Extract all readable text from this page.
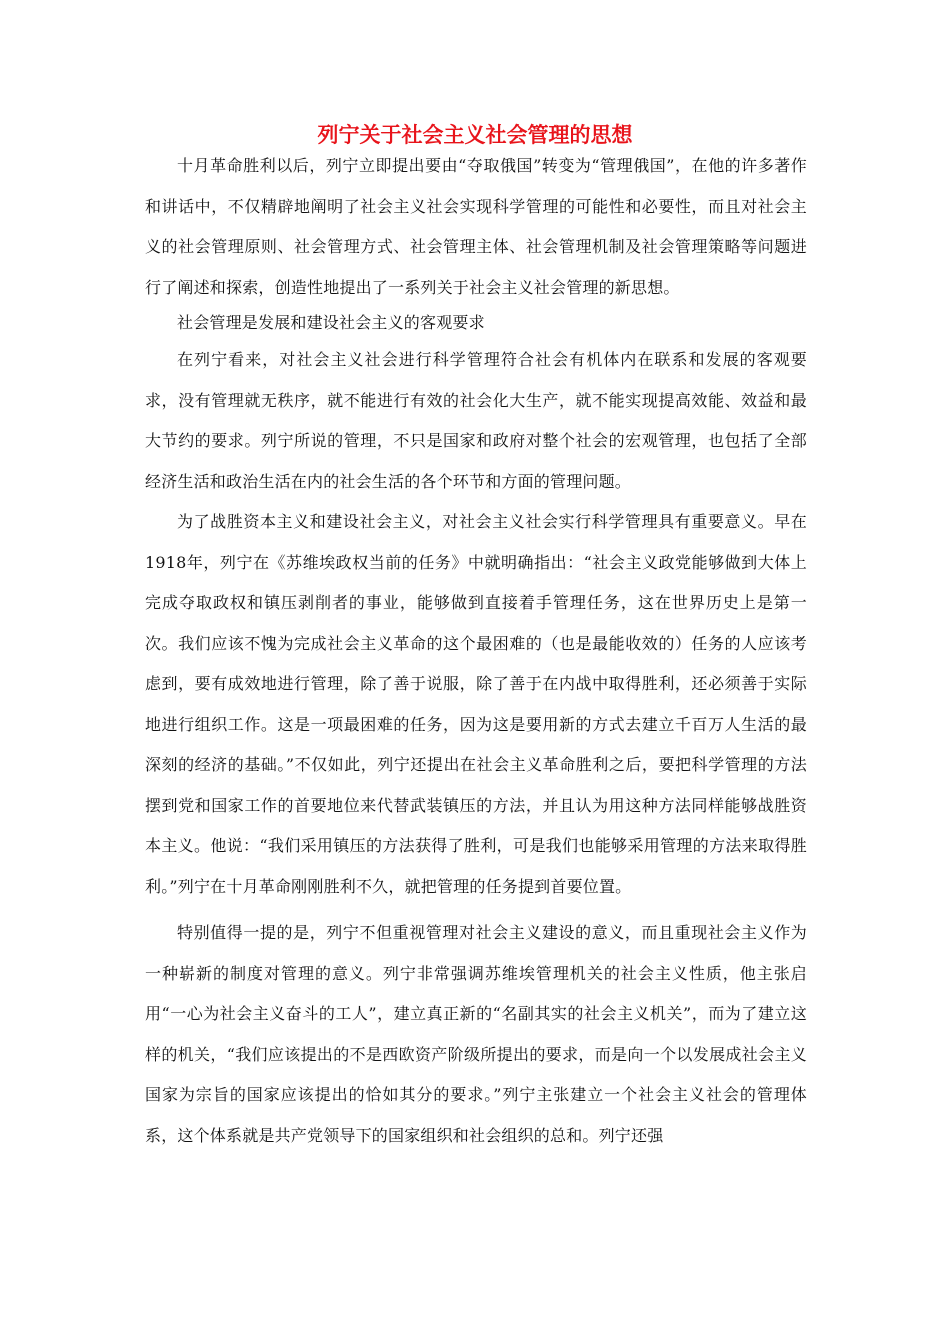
列宁关于社会主义社会管理的思想

十月革命胜利以后，列宁立即提出要由“夺取俄国”转变为“管理俄国”，在他的许多著作和讲话中，不仅精辟地阐明了社会主义社会实现科学管理的可能性和必要性，而且对社会主义的社会管理原则、社会管理方式、社会管理主体、社会管理机制及社会管理策略等问题进行了阐述和探索，创造性地提出了一系列关于社会主义社会管理的新思想。

社会管理是发展和建设社会主义的客观要求

在列宁看来，对社会主义社会进行科学管理符合社会有机体内在联系和发展的客观要求，没有管理就无秩序，就不能进行有效的社会化大生产，就不能实现提高效能、效益和最大节约的要求。列宁所说的管理，不只是国家和政府对整个社会的宏观管理，也包括了全部经济生活和政治生活在内的社会生活的各个环节和方面的管理问题。

为了战胜资本主义和建设社会主义，对社会主义社会实行科学管理具有重要意义。早在1918年，列宁在《苏维埃政权当前的任务》中就明确指出：“社会主义政党能够做到大体上完成夺取政权和镇压剥削者的事业，能够做到直接着手管理任务，这在世界历史上是第一次。我们应该不愧为完成社会主义革命的这个最困难的（也是最能收效的）任务的人应该考虑到，要有成效地进行管理，除了善于说服，除了善于在内战中取得胜利，还必须善于实际地进行组织工作。这是一项最困难的任务，因为这是要用新的方式去建立千百万人生活的最深刻的经济的基础。”不仅如此，列宁还提出在社会主义革命胜利之后，要把科学管理的方法摆到党和国家工作的首要地位来代替武装镇压的方法，并且认为用这种方法同样能够战胜资本主义。他说：“我们采用镇压的方法获得了胜利，可是我们也能够采用管理的方法来取得胜利。”列宁在十月革命刚刚胜利不久，就把管理的任务提到首要位置。

特别值得一提的是，列宁不但重视管理对社会主义建设的意义，而且重现社会主义作为一种崭新的制度对管理的意义。列宁非常强调苏维埃管理机关的社会主义性质，他主张启用“一心为社会主义奋斗的工人”，建立真正新的“名副其实的社会主义机关”，而为了建立这样的机关，“我们应该提出的不是西欧资产阶级所提出的要求，而是向一个以发展成社会主义国家为宗旨的国家应该提出的恰如其分的要求。”列宁主张建立一个社会主义社会的管理体系，这个体系就是共产党领导下的国家组织和社会组织的总和。列宁还强
